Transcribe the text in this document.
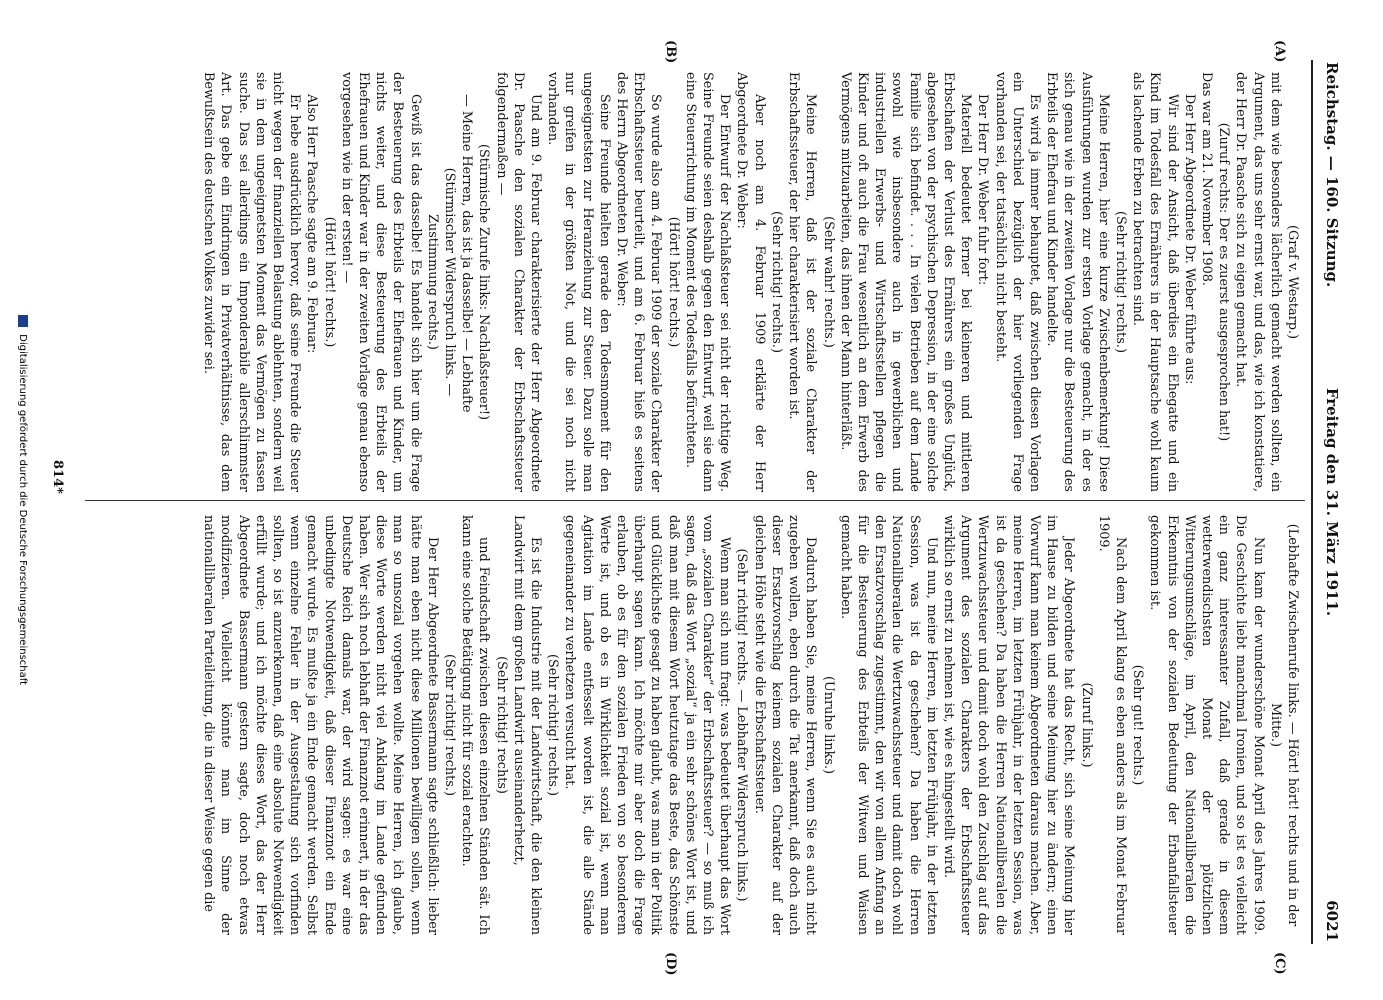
Reichstag. — 160. Sitzung.
Freitag den 31. März 1911.
6021
(A)
(B)
(C)
(D)

(Graf v. Westarp.)

mit dem wie besonders lächerlich gemacht werden sollten, ein Argument, das uns sehr ernst war, und das, wie ich konstatiere, der Herr Dr. Paasche sich zu eigen gemacht hat.

(Zuruf rechts: Der es zuerst ausgesprochen hat!)

Das war am 21. November 1908.

Der Herr Abgeordnete Dr. Weber führte aus:

Wir sind der Ansicht, daß überdies ein Ehegatte und ein Kind im Todesfall des Ernährers in der Hauptsache wohl kaum als lachende Erben zu betrachten sind.

(Sehr richtig! rechts.)

Meine Herren, hier eine kurze Zwischenbemerkung! Diese Ausführungen wurden zur ersten Vorlage gemacht, in der es sich genau wie in der zweiten Vorlage nur die Besteuerung des Erbteils der Ehefrau und Kinder handelte.

Es wird ja immer behauptet, daß zwischen diesen Vorlagen ein Unterschied bezüglich der hier vorliegenden Frage vorhanden sei, der tatsächlich nicht besteht.

Der Herr Dr. Weber fuhr fort:

Materiell bedeutet ferner bei kleineren und mittleren Erbschaften der Verlust des Ernährers ein großes Unglück, abgesehen von der psychischen Depression, in der eine solche Familie sich befindet. . . . In vielen Betrieben auf dem Lande sowohl wie insbesondere auch in gewerblichen und industriellen Erwerbs- und Wirtschaftsstellen pflegen die Kinder und oft auch die Frau wesentlich an dem Erwerb des Vermögens mitzuarbeiten, das ihnen der Mann hinterläßt.

(Sehr wahr! rechts.)

Meine Herren, daß ist der soziale Charakter der Erbschaftssteuer, der hier charakterisiert worden ist.

(Sehr richtig! rechts.)

Aber noch am 4. Februar 1909 erklärte der Herr Abgeordnete Dr. Weber:

Der Entwurf der Nachlaßsteuer sei nicht der richtige Weg. Seine Freunde seien deshalb gegen den Entwurf, weil sie dann eine Steuerrichtung im Moment des Todesfalls befürchteten.

(Hört! hört! rechts.)

So wurde also am 4. Februar 1909 der soziale Charakter der Erbschaftssteuer beurteilt, und am 6. Februar hieß es seitens des Herrn Abgeordneten Dr. Weber:

Seine Freunde hielten gerade den Todesmoment für den ungeeignetsten zur Heranziehung zur Steuer. Dazu solle man nur greifen in der größten Not, und die sei noch nicht vorhanden.

Und am 9. Februar charakterisierte der Herr Abgeordnete Dr. Paasche den sozialen Charakter der Erbschaftssteuer folgendermaßen —

(Stürmische Zurufe links: Nachlaßsteuer!)

— Meine Herren, das ist ja dasselbe! — Lebhafte

(Stürmischer Widerspruch links. —

Zustimmung rechts.)

Gewiß ist das dasselbe! Es handelt sich hier um die Frage der Besteuerung des Erbteils der Ehefrauen und Kinder, um nichts weiter, und diese Besteuerung des Erbteils der Ehefrauen und Kinder war in der zweiten Vorlage genau ebenso vorgesehen wie in der ersten! —

(Hört! hört! rechts.)

Also Herr Paasche sagte am 9. Februar:

Er hebe ausdrücklich hervor, daß seine Freunde die Steuer nicht wegen der finanziellen Belastung ablehnten, sondern weil sie in dem ungeeignetsten Moment das Vermögen zu fassen suche. Das sei allerdings ein Imponderabile allerschlimmster Art. Das gebe ein Eindringen in Privatverhältnisse, das dem Bewußtsein des deutschen Volkes zuwider sei.

(Lebhafte Zwischenrufe links. — Hört! hört! rechts und in der Mitte.)

Nun kam der wunderschöne Monat April des Jahres 1909. Die Geschichte liebt manchmal Ironien, und so ist es vielleicht ein ganz interessanter Zufall, daß gerade in diesem wetterwendischsten Monat der plötzlichen Witterungsumschläge, im April, den Nationalliberalen die Erkenntnis von der sozialen Bedeutung der Erbanfallsteuer gekommen ist.

(Sehr gut! rechts.)

Nach dem April klang es eben anders als im Monat Februar 1909.

(Zuruf links.)

Jeder Abgeordnete hat das Recht, sich seine Meinung hier im Hause zu bilden und seine Meinung hier zu ändern; einen Vorwurf kann man keinem Abgeordneten daraus machen. Aber, meine Herren, im letzten Frühjahr, in der letzten Session, was ist da geschehen? Da haben die Herren Nationalliberalen die Wertzuwachssteuer und damit doch wohl den Zuschlag auf das Argument des sozialen Charakters der Erbschaftssteuer wirklich so ernst zu nehmen ist, wie es hingestellt wird.

Und nun, meine Herren, im letzten Frühjahr, in der letzten Session, was ist da geschehen? Da haben die Herren Nationalliberalen die Wertzuwachssteuer und damit doch wohl den Ersatzvorschlag zugestimmt, den wir von allem Anfang an für die Besteuerung des Erbteils der Witwen und Waisen gemacht haben.

(Unruhe links.)

Dadurch haben Sie, meine Herren, wenn Sie es auch nicht zugeben wollen, eben durch die Tat anerkannt, daß doch auch dieser Ersatzvorschlag keinem sozialen Charakter auf der gleichen Höhe steht wie die Erbschaftssteuer.

(Sehr richtig! rechts. — Lebhafter Widerspruch links.)

Wenn man sich nun fragt: was bedeutet überhaupt das Wort vom „sozialen Charakter“ der Erbschaftssteuer? — so muß ich sagen, daß das Wort „sozial“ ja ein sehr schönes Wort ist, und daß man mit diesem Wort heutzutage das Beste, das Schönste und Glücklichste gesagt zu haben glaubt, was man in der Politik überhaupt sagen kann. Ich möchte mir aber doch die Frage erlauben, ob es für den sozialen Frieden von so besonderem Werte ist, und ob es in Wirklichkeit sozial ist, wenn man Agitation im Lande entfesselt worden ist, die alle Stände gegeneinander zu verhetzen versucht hat.

(Sehr richtig! rechts.)

Es ist die Industrie mit der Landwirtschaft, die den kleinen Landwirt mit dem großen Landwirt auseinanderhetzt,

(Sehr richtig! rechts)

und Feindschaft zwischen diesen einzelnen Ständen sät. Ich kann eine solche Betätigung nicht für sozial erachten.

(Sehr richtig! rechts.)

Der Herr Abgeordnete Bassermann sagte schließlich: lieber hätte man eben nicht diese Millionen bewilligen sollen, wenn man so unsozial vorgehen wollte. Meine Herren, ich glaube, diese Worte werden nicht viel Anklang im Lande gefunden haben. Wer sich noch lebhaft der Finanznot erinnert, in der das Deutsche Reich damals war, der wird sagen: es war eine unbedingte Notwendigkeit, daß dieser Finanznot ein Ende gemacht wurde. Es mußte ja ein Ende gemacht werden. Selbst wenn einzelne Fehler in der Ausgestaltung sich vorfinden sollten, so ist anzuerkennen, daß eine absolute Notwendigkeit erfüllt wurde; und ich möchte dieses Wort, das der Herr Abgeordnete Bassermann gestern sagte, doch noch etwas modifizieren. Vielleicht könnte man im Sinne der nationalliberalen Parteileitung, die in dieser Weise gegen die

814*
Digitalisierung gefördert durch die Deutsche Forschungsgemeinschaft
